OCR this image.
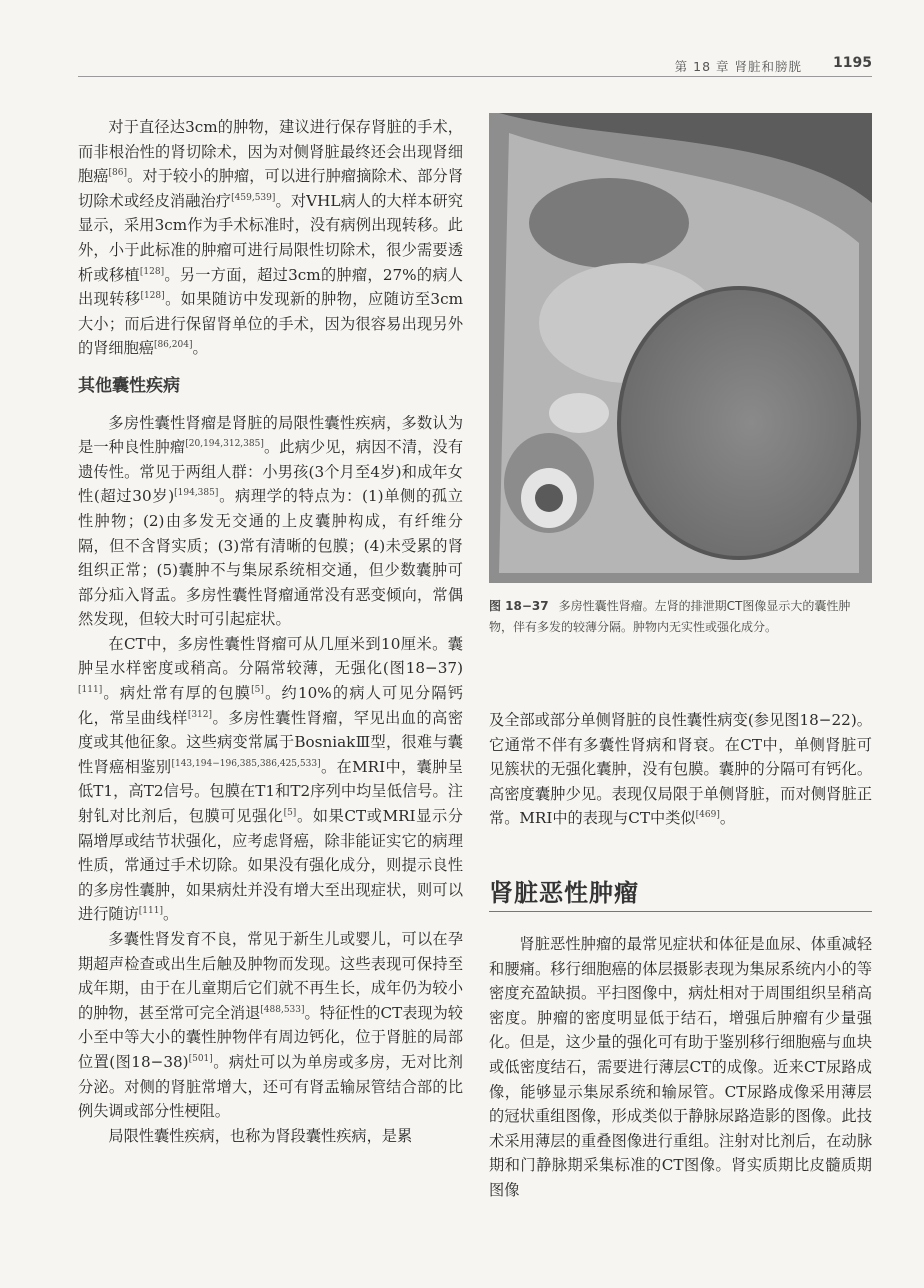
第 18 章 肾脏和膀胱 1195

对于直径达3cm的肿物，建议进行保存肾脏的手术，而非根治性的肾切除术，因为对侧肾脏最终还会出现肾细胞癌[86]。对于较小的肿瘤，可以进行肿瘤摘除术、部分肾切除术或经皮消融治疗[459,539]。对VHL病人的大样本研究显示，采用3cm作为手术标准时，没有病例出现转移。此外，小于此标准的肿瘤可进行局限性切除术，很少需要透析或移植[128]。另一方面，超过3cm的肿瘤，27%的病人出现转移[128]。如果随访中发现新的肿物，应随访至3cm大小；而后进行保留肾单位的手术，因为很容易出现另外的肾细胞癌[86,204]。

其他囊性疾病

多房性囊性肾瘤是肾脏的局限性囊性疾病，多数认为是一种良性肿瘤[20,194,312,385]。此病少见，病因不清，没有遗传性。常见于两组人群：小男孩(3个月至4岁)和成年女性(超过30岁)[194,385]。病理学的特点为：(1)单侧的孤立性肿物；(2)由多发无交通的上皮囊肿构成，有纤维分隔，但不含肾实质；(3)常有清晰的包膜；(4)未受累的肾组织正常；(5)囊肿不与集尿系统相交通，但少数囊肿可部分疝入肾盂。多房性囊性肾瘤通常没有恶变倾向，常偶然发现，但较大时可引起症状。

在CT中，多房性囊性肾瘤可从几厘米到10厘米。囊肿呈水样密度或稍高。分隔常较薄，无强化(图18−37)[111]。病灶常有厚的包膜[5]。约10%的病人可见分隔钙化，常呈曲线样[312]。多房性囊性肾瘤，罕见出血的高密度或其他征象。这些病变常属于BosniakⅢ型，很难与囊性肾癌相鉴别[143,194−196,385,386,425,533]。在MRI中，囊肿呈低T1，高T2信号。包膜在T1和T2序列中均呈低信号。注射钆对比剂后，包膜可见强化[5]。如果CT或MRI显示分隔增厚或结节状强化，应考虑肾癌，除非能证实它的病理性质，常通过手术切除。如果没有强化成分，则提示良性的多房性囊肿，如果病灶并没有增大至出现症状，则可以进行随访[111]。

多囊性肾发育不良，常见于新生儿或婴儿，可以在孕期超声检查或出生后触及肿物而发现。这些表现可保持至成年期，由于在儿童期后它们就不再生长，成年仍为较小的肿物，甚至常可完全消退[488,533]。特征性的CT表现为较小至中等大小的囊性肿物伴有周边钙化，位于肾脏的局部位置(图18−38)[501]。病灶可以为单房或多房，无对比剂分泌。对侧的肾脏常增大，还可有肾盂输尿管结合部的比例失调或部分性梗阻。

局限性囊性疾病，也称为肾段囊性疾病，是累

图 18−37 多房性囊性肾瘤。左肾的排泄期CT图像显示大的囊性肿物，伴有多发的较薄分隔。肿物内无实性或强化成分。

及全部或部分单侧肾脏的良性囊性病变(参见图18−22)。它通常不伴有多囊性肾病和肾衰。在CT中，单侧肾脏可见簇状的无强化囊肿，没有包膜。囊肿的分隔可有钙化。高密度囊肿少见。表现仅局限于单侧肾脏，而对侧肾脏正常。MRI中的表现与CT中类似[469]。

肾脏恶性肿瘤

肾脏恶性肿瘤的最常见症状和体征是血尿、体重减轻和腰痛。移行细胞癌的体层摄影表现为集尿系统内小的等密度充盈缺损。平扫图像中，病灶相对于周围组织呈稍高密度。肿瘤的密度明显低于结石，增强后肿瘤有少量强化。但是，这少量的强化可有助于鉴别移行细胞癌与血块或低密度结石，需要进行薄层CT的成像。近来CT尿路成像，能够显示集尿系统和输尿管。CT尿路成像采用薄层的冠状重组图像，形成类似于静脉尿路造影的图像。此技术采用薄层的重叠图像进行重组。注射对比剂后，在动脉期和门静脉期采集标准的CT图像。肾实质期比皮髓质期图像
